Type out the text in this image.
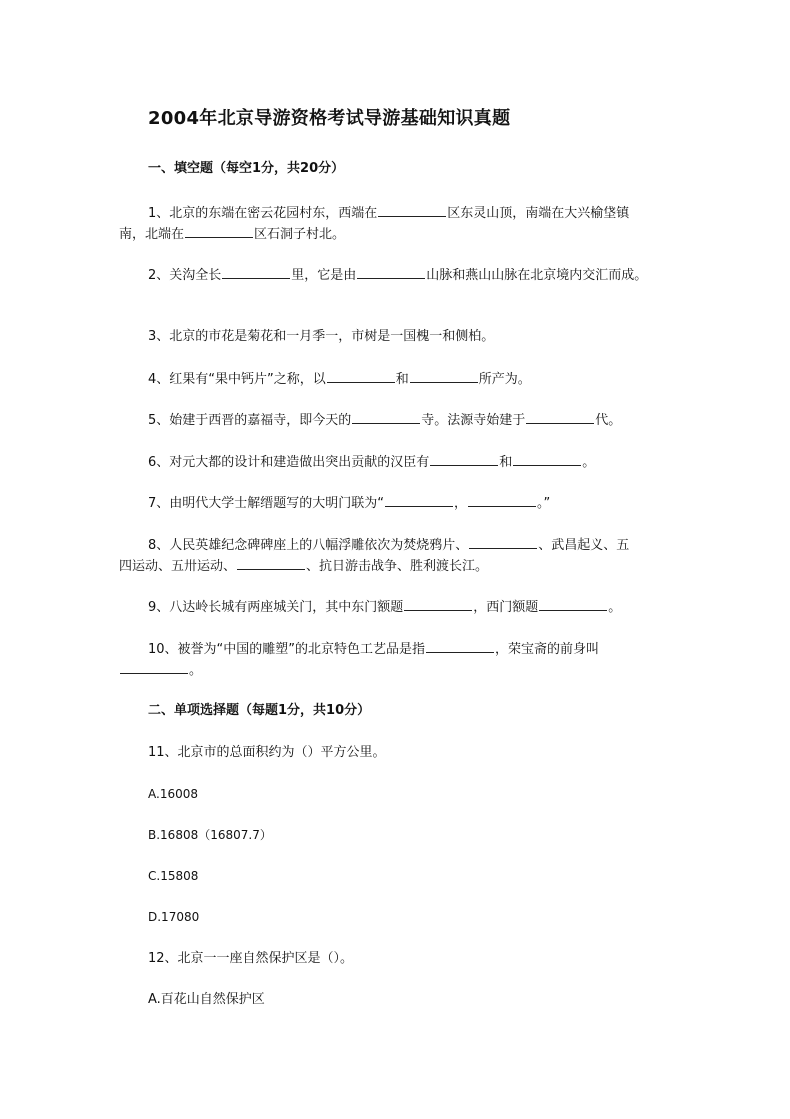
2004年北京导游资格考试导游基础知识真题
一、填空题（每空1分，共20分）
1、北京的东端在密云花园村东，西端在	区东灵山顶，南端在大兴榆垡镇
南，北端在	区石洞子村北。
2、关沟全长	里，它是由	山脉和燕山山脉在北京境内交汇而成。
3、北京的市花是菊花和一月季一，市树是一国槐一和侧柏。
4、红果有“果中钙片”之称，以	和	所产为。
5、始建于西晋的嘉福寺，即今天的	寺。法源寺始建于	代。
6、对元大都的设计和建造做出突出贡献的汉臣有	和	。
7、由明代大学士解缙题写的大明门联为“	，	。”
8、人民英雄纪念碑碑座上的八幅浮雕依次为焚烧鸦片、	、武昌起义、五
四运动、五卅运动、	、抗日游击战争、胜利渡长江。
9、八达岭长城有两座城关门，其中东门额题	，西门额题	。
10、被誉为“中国的雕塑”的北京特色工艺品是指	，荣宝斋的前身叫
。
二、单项选择题（每题1分，共10分）
11、北京市的总面积约为（）平方公里。
A.16008
B.16808（16807.7）
C.15808
D.17080
12、北京一一座自然保护区是（）。
A.百花山自然保护区
